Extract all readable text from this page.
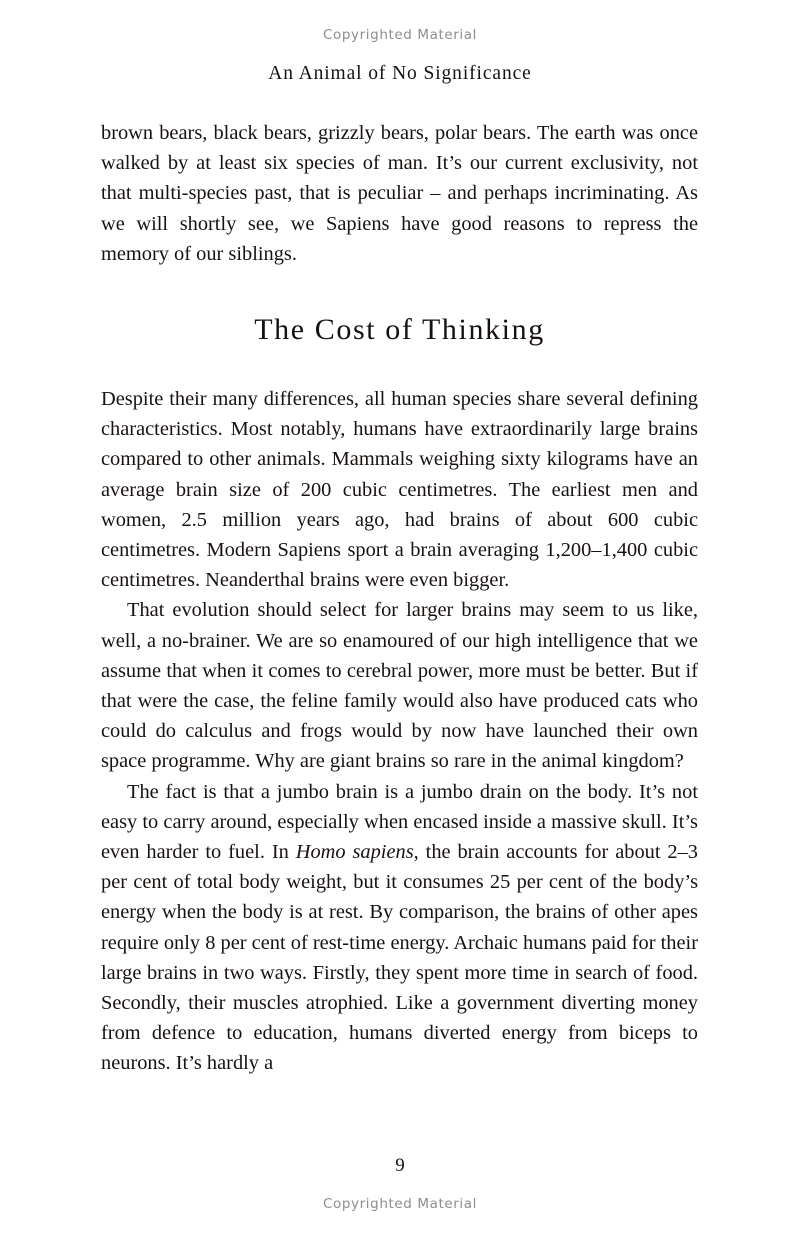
Copyrighted Material
An Animal of No Significance

brown bears, black bears, grizzly bears, polar bears. The earth was once walked by at least six species of man. It’s our current exclusivity, not that multi-species past, that is peculiar – and perhaps incriminating. As we will shortly see, we Sapiens have good reasons to repress the memory of our siblings.

The Cost of Thinking

Despite their many differences, all human species share several defining characteristics. Most notably, humans have extraordinarily large brains compared to other animals. Mammals weighing sixty kilograms have an average brain size of 200 cubic centimetres. The earliest men and women, 2.5 million years ago, had brains of about 600 cubic centimetres. Modern Sapiens sport a brain averaging 1,200–1,400 cubic centimetres. Neanderthal brains were even bigger.

That evolution should select for larger brains may seem to us like, well, a no-brainer. We are so enamoured of our high intelligence that we assume that when it comes to cerebral power, more must be better. But if that were the case, the feline family would also have produced cats who could do calculus and frogs would by now have launched their own space programme. Why are giant brains so rare in the animal kingdom?

The fact is that a jumbo brain is a jumbo drain on the body. It’s not easy to carry around, especially when encased inside a massive skull. It’s even harder to fuel. In Homo sapiens, the brain accounts for about 2–3 per cent of total body weight, but it consumes 25 per cent of the body’s energy when the body is at rest. By comparison, the brains of other apes require only 8 per cent of rest-time energy. Archaic humans paid for their large brains in two ways. Firstly, they spent more time in search of food. Secondly, their muscles atrophied. Like a government diverting money from defence to education, humans diverted energy from biceps to neurons. It’s hardly a

9
Copyrighted Material
